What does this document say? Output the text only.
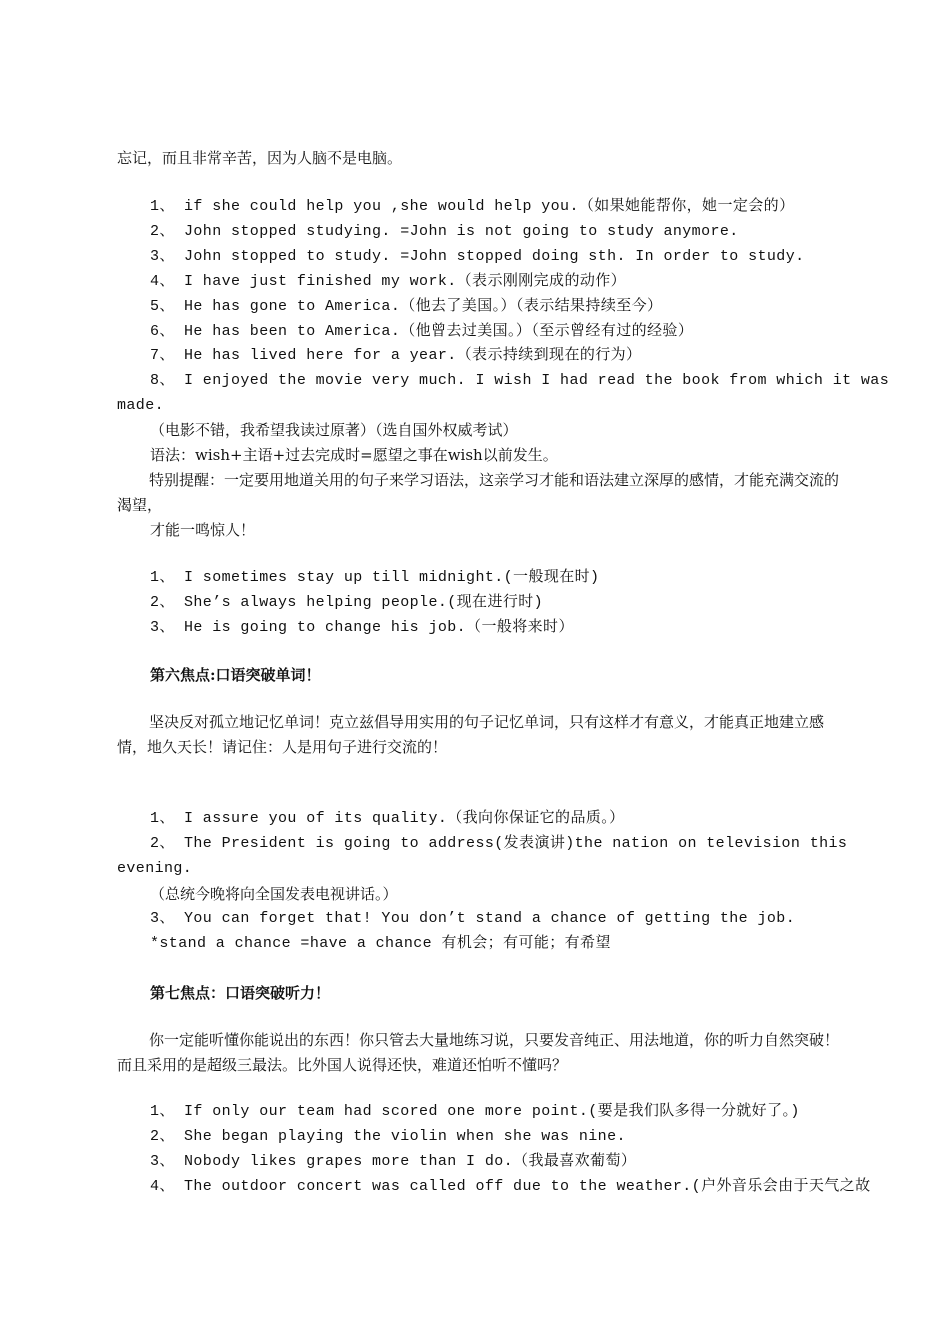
忘记，而且非常辛苦，因为人脑不是电脑。
1、 if she could help you ,she would help you.（如果她能帮你，她一定会的）
2、 John stopped studying. =John is not going to study anymore.
3、 John stopped to study. =John stopped doing sth. In order to study.
4、 I have just finished my work.（表示刚刚完成的动作）
5、 He has gone to America.（他去了美国。）（表示结果持续至今）
6、 He has been to America.（他曾去过美国。）（至示曾经有过的经验）
7、 He has lived here for a year.（表示持续到现在的行为）
8、 I enjoyed the movie very much. I wish I had read the book from which it was
made.
（电影不错，我希望我读过原著）（选自国外权威考试）
语法：wish+主语+过去完成时=愿望之事在wish以前发生。
特别提醒：一定要用地道关用的句子来学习语法，这亲学习才能和语法建立深厚的感情，才能充满交流的渴望，
才能一鸣惊人！
1、 I sometimes stay up till midnight.(一般现在时)
2、 She’s always helping people.(现在进行时)
3、 He is going to change his job.（一般将来时）
第六焦点:口语突破单词！
坚决反对孤立地记忆单词！克立兹倡导用实用的句子记忆单词，只有这样才有意义，才能真正地建立感情，地久天长！请记住：人是用句子进行交流的！
1、 I assure you of its quality.（我向你保证它的品质。）
2、 The President is going to address(发表演讲)the nation on television this
evening.
（总统今晚将向全国发表电视讲话。）
3、 You can forget that! You don’t stand a chance of getting the job.
*stand a chance =have a chance 有机会；有可能；有希望
第七焦点：口语突破听力！
你一定能听懂你能说出的东西！你只管去大量地练习说，只要发音纯正、用法地道，你的听力自然突破！而且采用的是超级三最法。比外国人说得还快，难道还怕听不懂吗？
1、 If only our team had scored one more point.(要是我们队多得一分就好了。)
2、 She began playing the violin when she was nine.
3、 Nobody likes grapes more than I do.（我最喜欢葡萄）
4、 The outdoor concert was called off due to the weather.(户外音乐会由于天气之故
